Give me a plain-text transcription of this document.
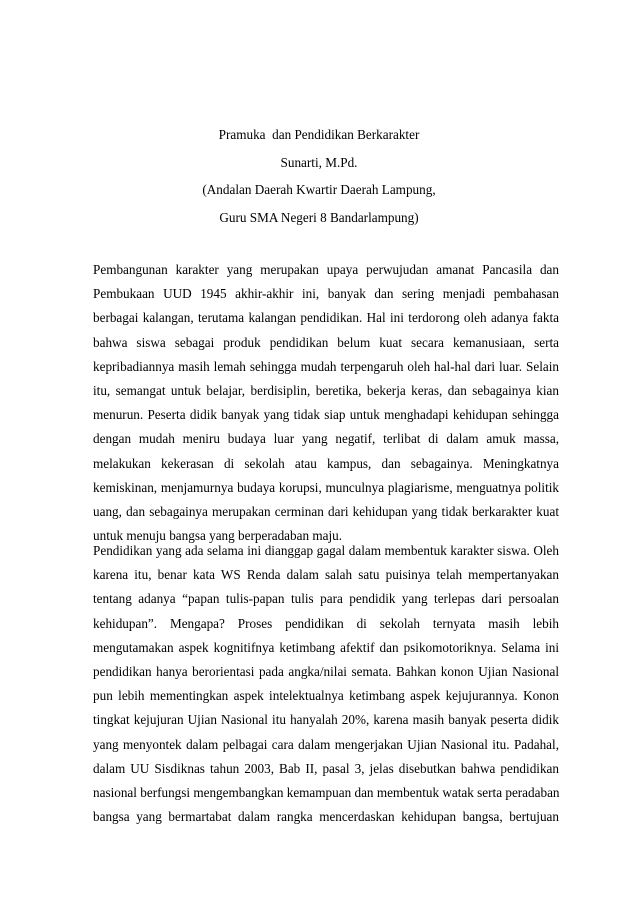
Pramuka  dan Pendidikan Berkarakter
Sunarti, M.Pd.
(Andalan Daerah Kwartir Daerah Lampung,
Guru SMA Negeri 8 Bandarlampung)
Pembangunan karakter yang merupakan upaya perwujudan amanat Pancasila dan
Pembukaan UUD 1945 akhir-akhir ini, banyak dan sering menjadi pembahasan
berbagai kalangan, terutama kalangan pendidikan. Hal ini terdorong oleh adanya fakta
bahwa siswa sebagai produk pendidikan belum kuat secara kemanusiaan, serta
kepribadiannya masih lemah sehingga mudah terpengaruh oleh hal-hal dari luar. Selain
itu, semangat untuk belajar, berdisiplin, beretika, bekerja keras, dan sebagainya kian
menurun. Peserta didik banyak yang tidak siap untuk menghadapi kehidupan sehingga
dengan mudah meniru budaya luar yang negatif, terlibat di dalam amuk massa,
melakukan kekerasan di sekolah atau kampus, dan sebagainya. Meningkatnya
kemiskinan, menjamurnya budaya korupsi, munculnya plagiarisme, menguatnya politik
uang, dan sebagainya merupakan cerminan dari kehidupan yang tidak berkarakter kuat
untuk menuju bangsa yang berperadaban maju.
Pendidikan yang ada selama ini dianggap gagal dalam membentuk karakter siswa. Oleh
karena itu, benar kata WS Renda dalam salah satu puisinya telah mempertanyakan
tentang adanya “papan tulis-papan tulis para pendidik yang terlepas dari persoalan
kehidupan”. Mengapa? Proses pendidikan di sekolah ternyata masih lebih
mengutamakan aspek kognitifnya ketimbang afektif dan psikomotoriknya. Selama ini
pendidikan hanya berorientasi pada angka/nilai semata. Bahkan konon Ujian Nasional
pun lebih mementingkan aspek intelektualnya ketimbang aspek kejujurannya. Konon
tingkat kejujuran Ujian Nasional itu hanyalah 20%, karena masih banyak peserta didik
yang menyontek dalam pelbagai cara dalam mengerjakan Ujian Nasional itu. Padahal,
dalam UU Sisdiknas tahun 2003, Bab II, pasal 3, jelas disebutkan bahwa pendidikan
nasional berfungsi mengembangkan kemampuan dan membentuk watak serta peradaban
bangsa yang bermartabat dalam rangka mencerdaskan kehidupan bangsa, bertujuan
